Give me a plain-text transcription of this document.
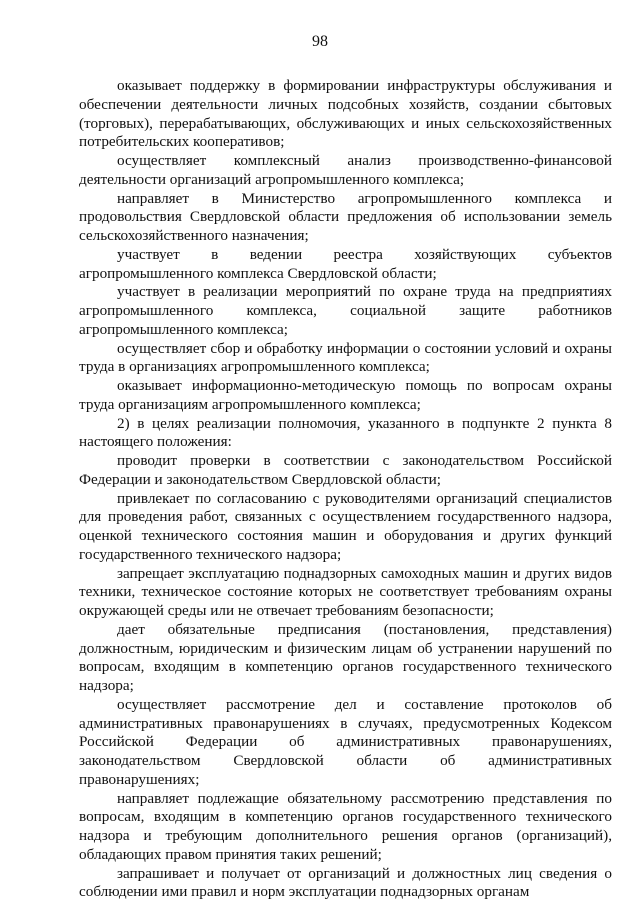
98

оказывает поддержку в формировании инфраструктуры обслуживания и обеспечении деятельности личных подсобных хозяйств, создании сбытовых (торговых), перерабатывающих, обслуживающих и иных сельскохозяйственных потребительских кооперативов;

осуществляет комплексный анализ производственно-финансовой деятельности организаций агропромышленного комплекса;

направляет в Министерство агропромышленного комплекса и продовольствия Свердловской области предложения об использовании земель сельскохозяйственного назначения;

участвует в ведении реестра хозяйствующих субъектов агропромышленного комплекса Свердловской области;

участвует в реализации мероприятий по охране труда на предприятиях агропромышленного комплекса, социальной защите работников агропромышленного комплекса;

осуществляет сбор и обработку информации о состоянии условий и охраны труда в организациях агропромышленного комплекса;

оказывает информационно-методическую помощь по вопросам охраны труда организациям агропромышленного комплекса;

2) в целях реализации полномочия, указанного в подпункте 2 пункта 8 настоящего положения:

проводит проверки в соответствии с законодательством Российской Федерации и законодательством Свердловской области;

привлекает по согласованию с руководителями организаций специалистов для проведения работ, связанных с осуществлением государственного надзора, оценкой технического состояния машин и оборудования и других функций государственного технического надзора;

запрещает эксплуатацию поднадзорных самоходных машин и других видов техники, техническое состояние которых не соответствует требованиям охраны окружающей среды или не отвечает требованиям безопасности;

дает обязательные предписания (постановления, представления) должностным, юридическим и физическим лицам об устранении нарушений по вопросам, входящим в компетенцию органов государственного технического надзора;

осуществляет рассмотрение дел и составление протоколов об административных правонарушениях в случаях, предусмотренных Кодексом Российской Федерации об административных правонарушениях, законодательством Свердловской области об административных правонарушениях;

направляет подлежащие обязательному рассмотрению представления по вопросам, входящим в компетенцию органов государственного технического надзора и требующим дополнительного решения органов (организаций), обладающих правом принятия таких решений;

запрашивает и получает от организаций и должностных лиц сведения о соблюдении ими правил и норм эксплуатации поднадзорных органам
